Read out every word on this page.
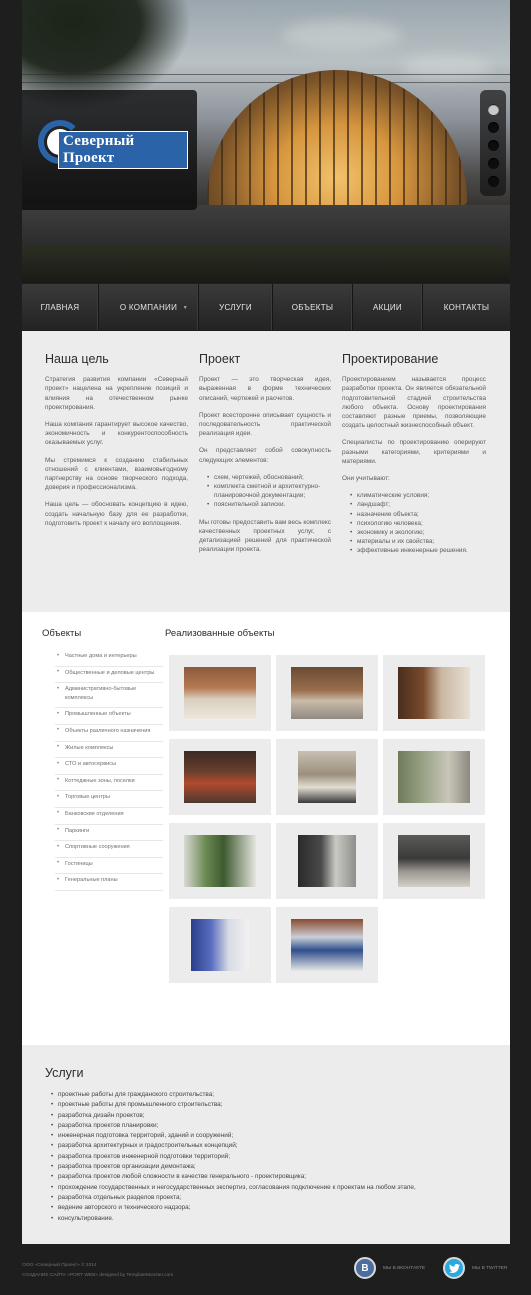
Северный Проект
ГЛАВНАЯ	О КОМПАНИИ ▼	УСЛУГИ	ОБЪЕКТЫ	АКЦИИ	КОНТАКТЫ
Наша цель

Стратегия развития компании «Северный проект» нацелена на укрепление позиций и влияния на отечественном рынке проектирования.

Наша компания гарантирует высокое качество, экономичность и конкурентоспособность оказываемых услуг.

Мы стремимся к созданию стабильных отношений с клиентами, взаимовыгодному партнерству на основе творческого подхода, доверия и профессионализма.

Наша цель — обосновать концепцию в идею, создать начальную базу для ее разработки, подготовить проект к началу его воплощения.

Проект

Проект — это творческая идея, выраженная в форме технических описаний, чертежей и расчетов.

Проект всесторонне описывает сущность и последовательность практической реализация идеи.

Он представляет собой совокупность следующих элементов:

• схем, чертежей, обоснований;
• комплекта сметной и архитектурно-планировочной документации;
• пояснительной записки.

Мы готовы предоставить вам весь комплекс качественных проектных услуг, с детализацией решений для практической реализации проекта.

Проектирование

Проектированием называется процесс разработки проекта. Он является обязательной подготовительной стадией строительства любого объекта. Основу проектирования составляют разные приемы, позволяющие создать целостный жизнеспособный объект.

Специалисты по проектированию оперируют разными категориями, критериями и материями.

Они учитывают:

• климатические условия;
• ландшафт;
• назначение объекта;
• психологию человека;
• экономику и экологию;
• материалы и их свойства;
• эффективные инженерные решения.
Объекты	Реализованные объекты
• Частные дома и интерьеры
• Общественные и деловые центры
• Административно-бытовые комплексы
• Промышленные объекты
• Объекты различного назначения
• Жилые комплексы
• СТО и автосервисы
• Коттеджные зоны, поселки
• Торговые центры
• Банковские отделения
• Паркинги
• Спортивные сооружения
• Гостиницы
• Генеральные планы
Услуги
• проектные работы для гражданского строительства;
• проектные работы для промышленного строительства;
• разработка дизайн проектов;
• разработка проектов планировки;
• инженерная подготовка территорий, зданий и сооружений;
• разработка архитектурных и градостроительных концепций;
• разработка проектов инженерной подготовки территорий;
• разработка проектов организации демонтажа;
• разработка проектов любой сложности в качестве генерального - проектировщика;
• прохождение государственных и негосударственных экспертиз, согласования подключение к проектам на любом этапе,
• разработка отдельных разделов проекта;
• ведение авторского и технического надзора;
• консультирование.
ООО «Северный Проект» © 2014
СОЗДАНИЕ САЙТА «PORT WEB» designed by TemplateMonster.com
В	МЫ В ВКОНТАКТЕ	МЫ В TWITTER
